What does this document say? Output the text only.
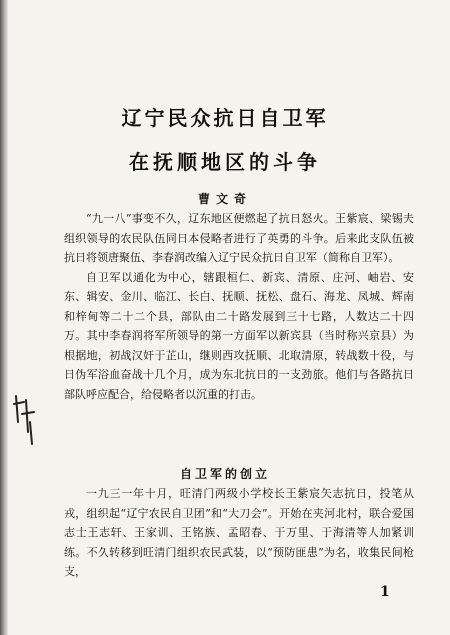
辽宁民众抗日自卫军
在抚顺地区的斗争
曹文奇

“九一八”事变不久，辽东地区便燃起了抗日怒火。王紫宸、梁锡夫组织领导的农民队伍同日本侵略者进行了英勇的斗争。后来此支队伍被抗日将领唐聚伍、李春润改编入辽宁民众抗日自卫军（简称自卫军）。

自卫军以通化为中心，辖跟桓仁、新宾、清原、庄河、岫岩、安东、辑安、金川、临江、长白、抚顺、抚松、盘石、海龙、凤城、辉南和梓甸等二十二个县，部队由二十路发展到三十七路，人数达二十四万。其中李春润将军所领导的第一方面军以新宾县（当时称兴京县）为根据地，初战汉奸于芷山，继则西攻抚顺、北取清原，转战数十役，与日伪军浴血奋战十几个月，成为东北抗日的一支劲旅。他们与各路抗日部队呼应配合，给侵略者以沉重的打击。

自卫军的创立

一九三一年十月，旺清门两级小学校长王紫宸矢志抗日，投笔从戎，组织起“辽宁农民自卫团”和“大刀会”。开始在夹河北村，联合爱国志士王志轩、王家训、王铭族、孟昭春、于万里、于海清等人加紧训练。不久转移到旺清门组织农民武装，以“预防匪患”为名，收集民间枪支，

1
